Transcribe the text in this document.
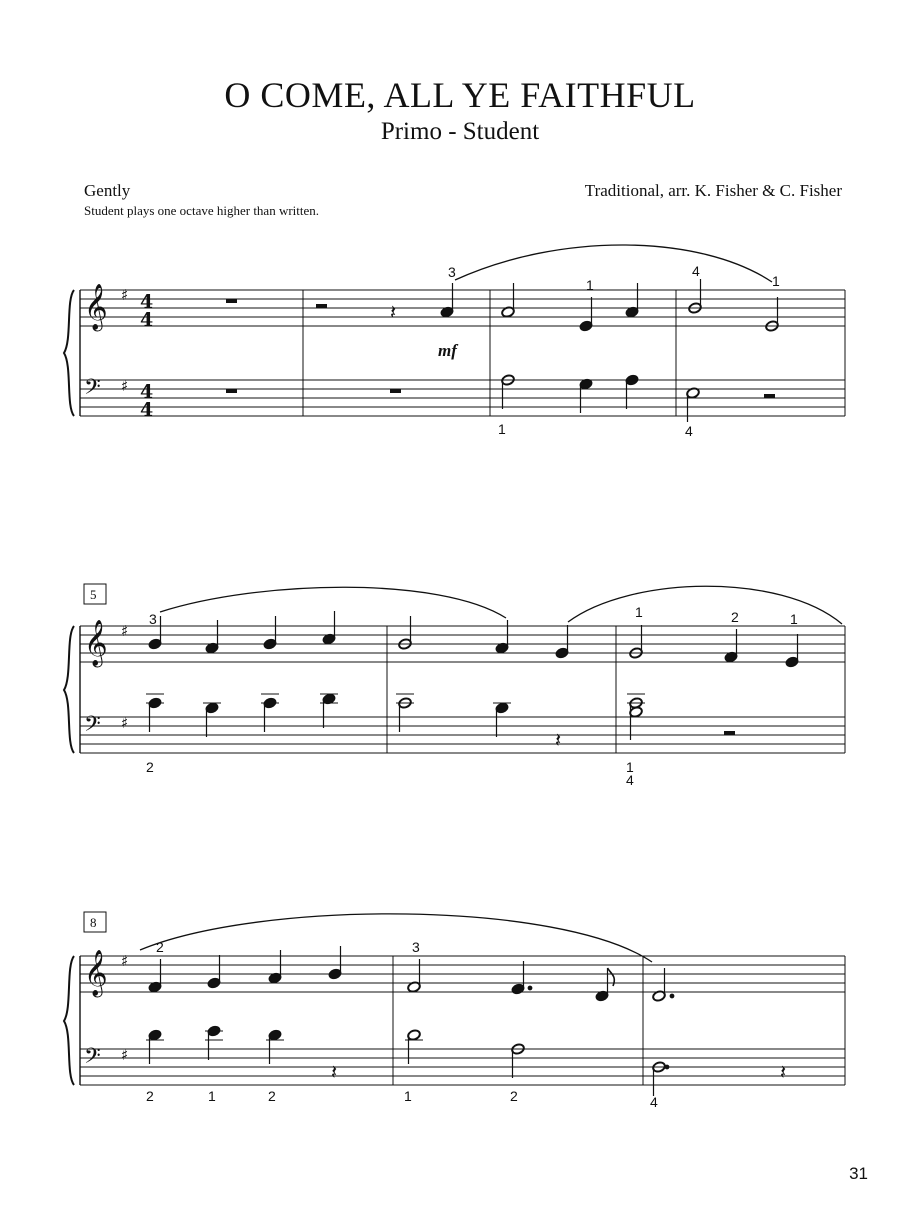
O COME, ALL YE FAITHFUL
Primo - Student
Gently
Student plays one octave higher than written.
Traditional, arr. K. Fisher & C. Fisher
𝄞
𝄢
♯
♯
4
4
4
4
𝄽
mf
3
1
4
1
1	4
5
𝄞
𝄢
♯
♯
𝄽
3	1	2	1
2	1
4
8
𝄞
𝄢
♯
♯
𝄽	𝄽
2	3
2	1	2	1	2	4
31
